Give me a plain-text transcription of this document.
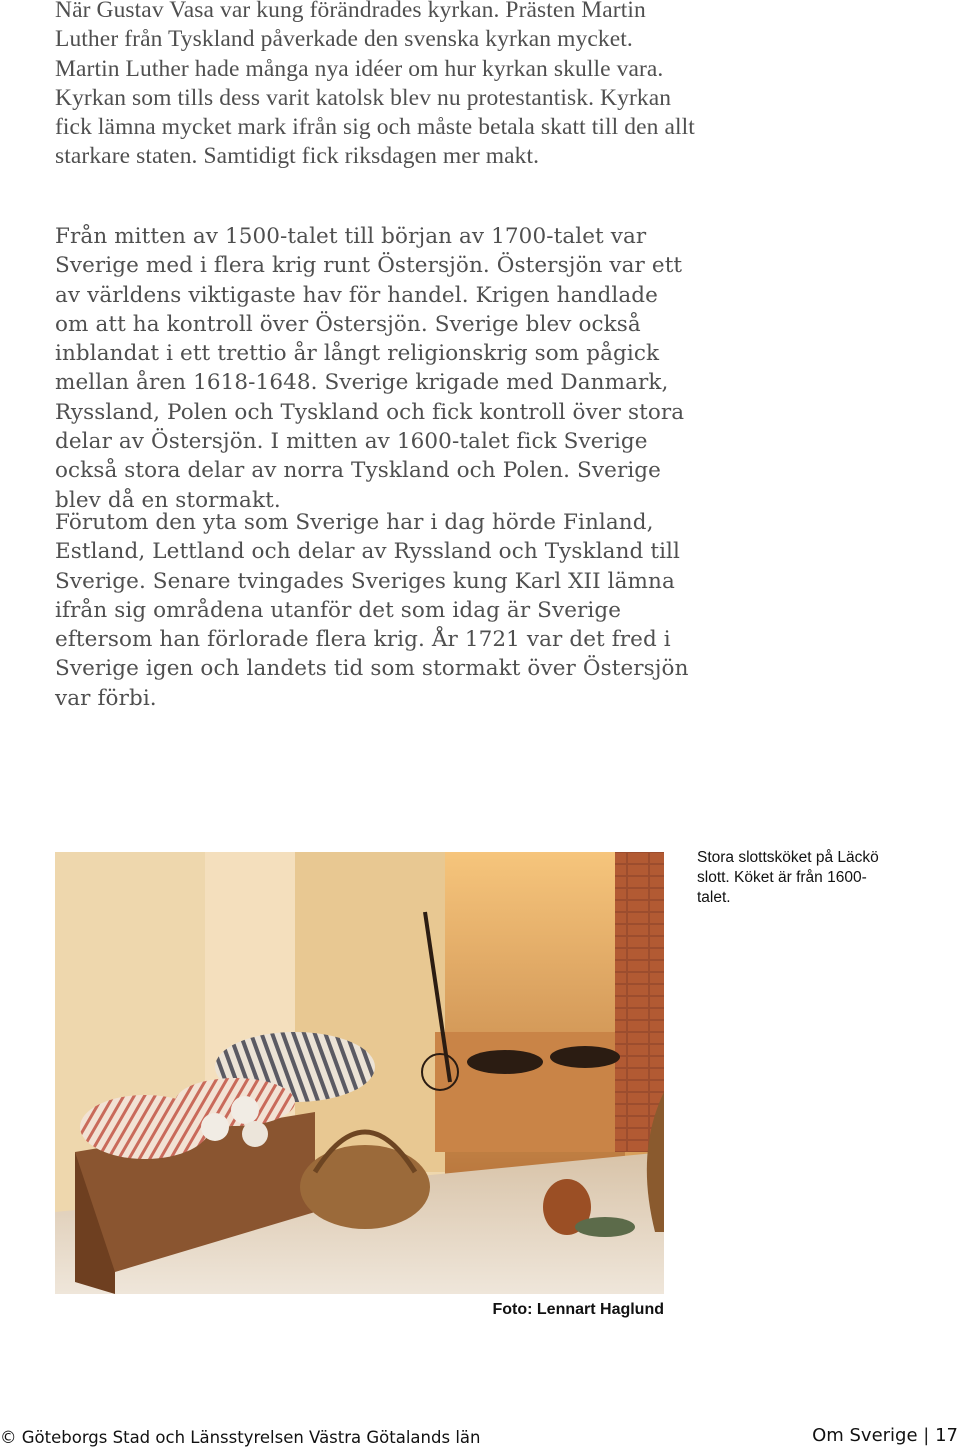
När Gustav Vasa var kung förändrades kyrkan. Prästen Martin Luther från Tyskland påverkade den svenska kyrkan mycket. Martin Luther hade många nya idéer om hur kyrkan skulle vara. Kyrkan som tills dess varit katolsk blev nu protestantisk. Kyrkan fick lämna mycket mark ifrån sig och måste betala skatt till den allt starkare staten. Samtidigt fick riksdagen mer makt.

Från mitten av 1500-talet till början av 1700-talet var Sverige med i flera krig runt Östersjön. Östersjön var ett av världens viktigaste hav för handel. Krigen handlade om att ha kontroll över Östersjön. Sverige blev också inblandat i ett trettio år långt religionskrig som pågick mellan åren 1618-1648. Sverige krigade med Danmark, Ryssland, Polen och Tyskland och fick kontroll över stora delar av Östersjön. I mitten av 1600-talet fick Sverige också stora delar av norra Tyskland och Polen. Sverige blev då en stormakt.

Förutom den yta som Sverige har i dag hörde Finland, Estland, Lettland och delar av Ryssland och Tyskland till Sverige. Senare tvingades Sveriges kung Karl XII lämna ifrån sig områdena utanför det som idag är Sverige eftersom han förlorade flera krig. År 1721 var det fred i Sverige igen och landets tid som stormakt över Östersjön var förbi.

Stora slottsköket på Läckö slott. Köket är från 1600-talet.

Foto: Lennart Haglund

© Göteborgs Stad och Länsstyrelsen Västra Götalands län	Om Sverige | 17
